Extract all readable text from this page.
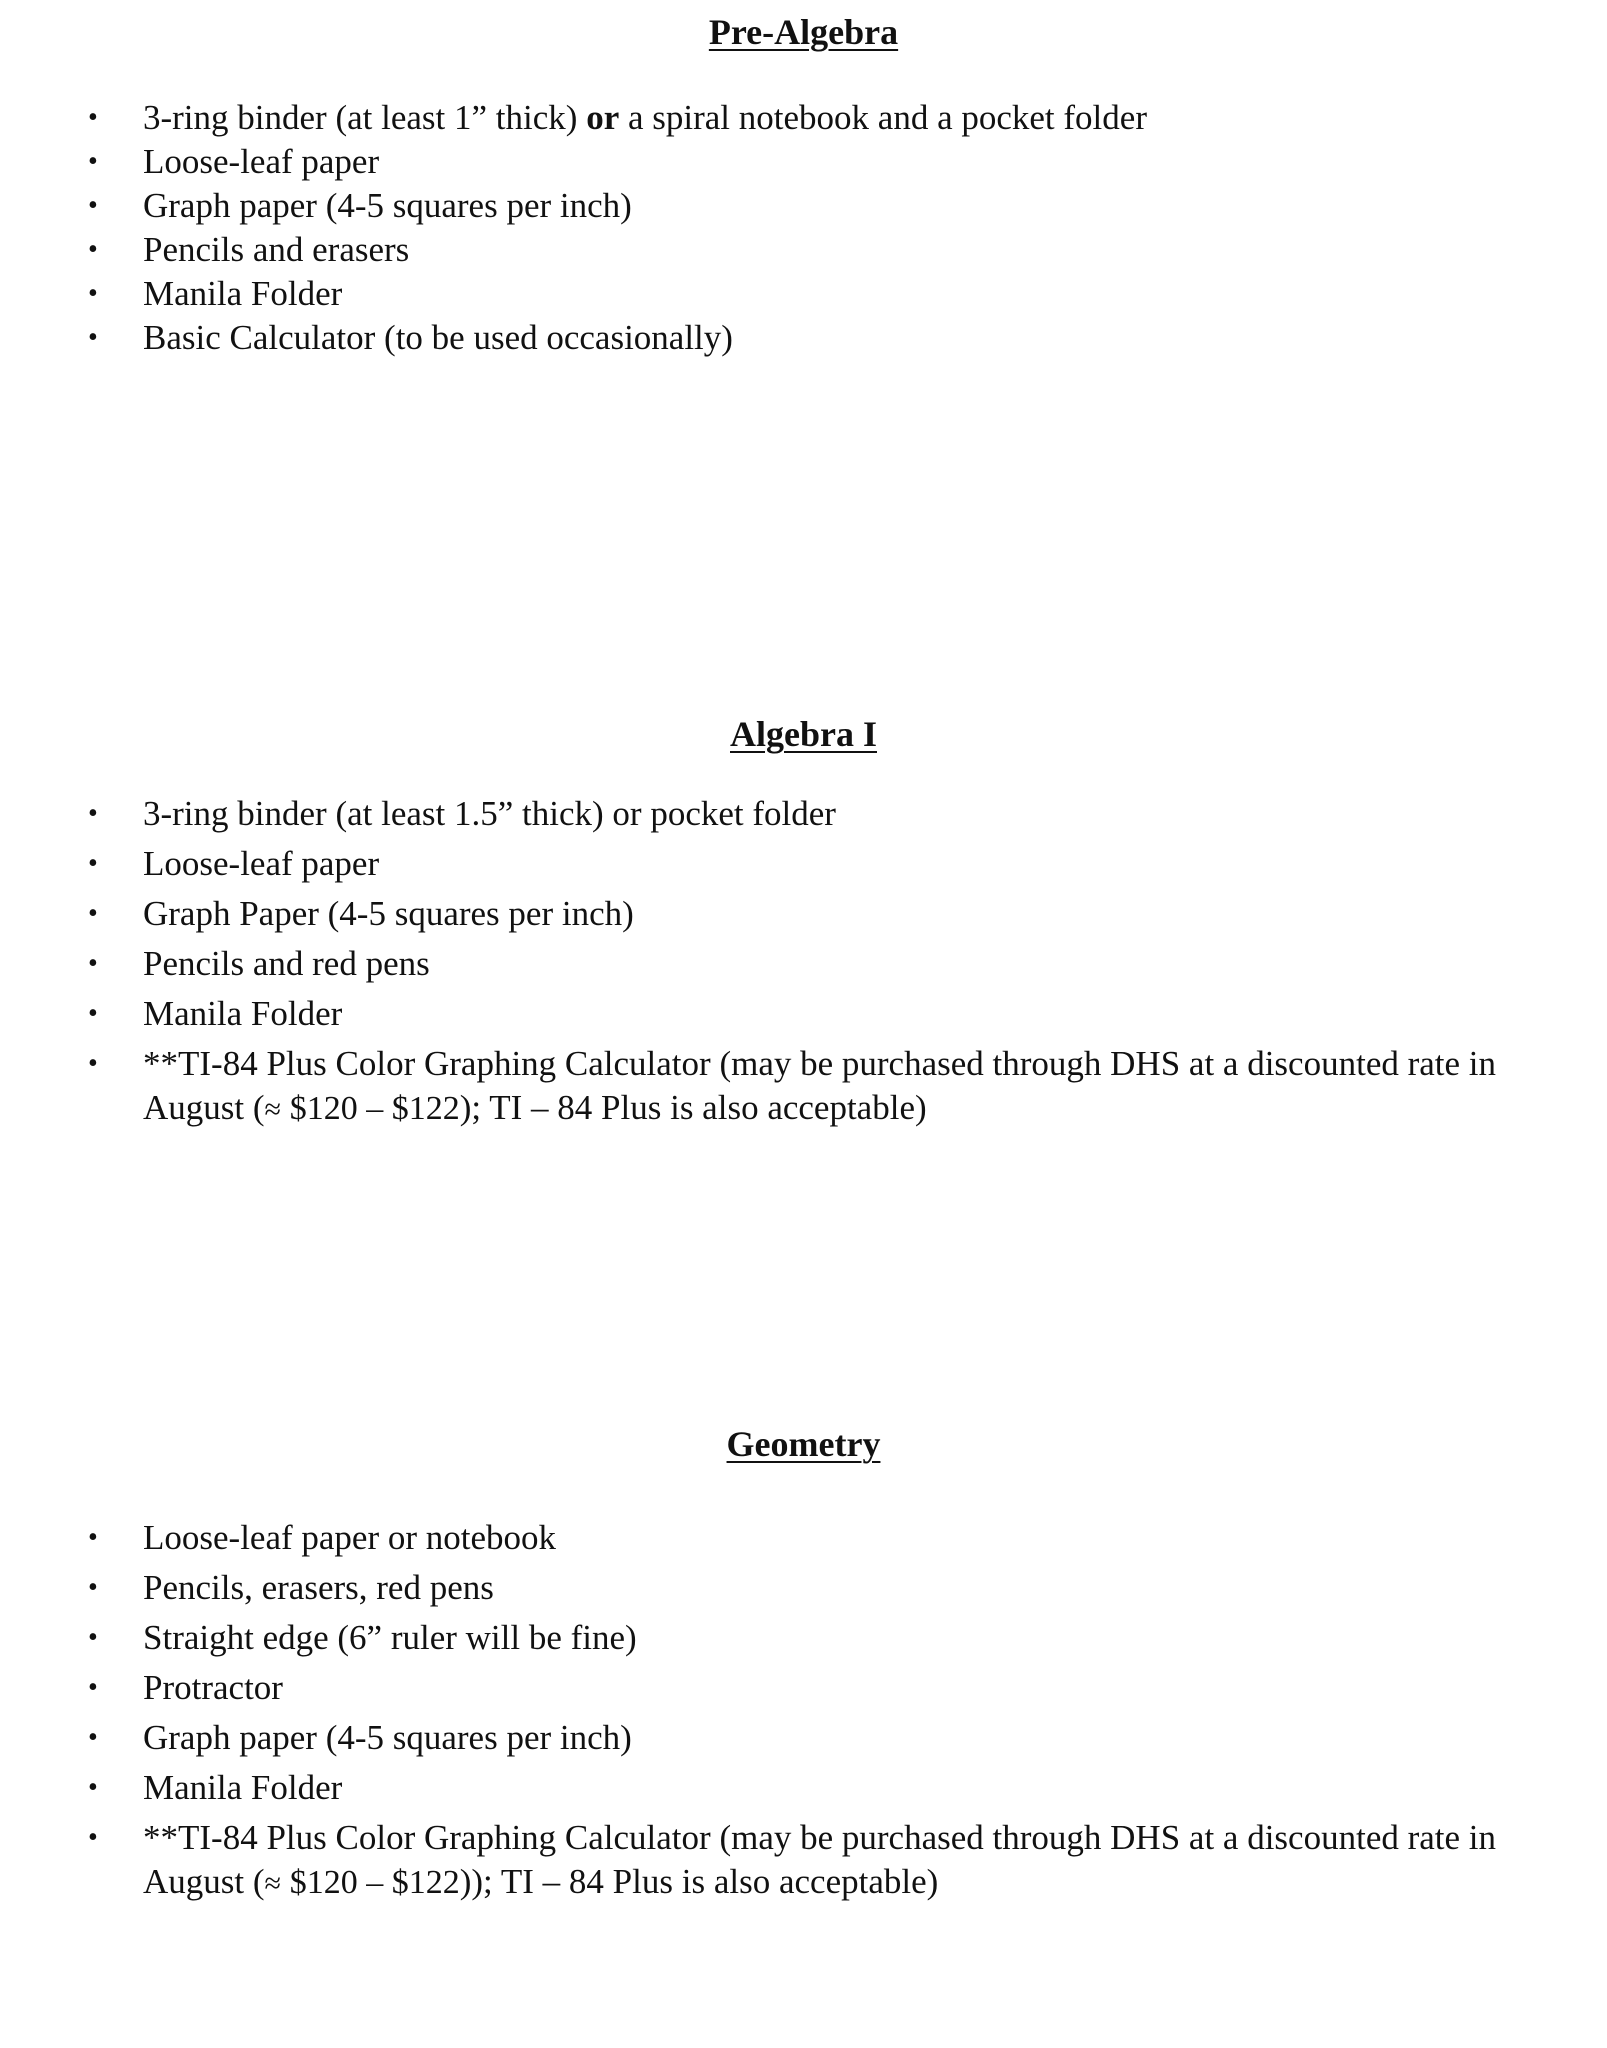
Pre-Algebra
• 3-ring binder (at least 1” thick) or a spiral notebook and a pocket folder
• Loose-leaf paper
• Graph paper (4-5 squares per inch)
• Pencils and erasers
• Manila Folder
• Basic Calculator (to be used occasionally)
Algebra I
• 3-ring binder (at least 1.5” thick) or pocket folder
• Loose-leaf paper
• Graph Paper (4-5 squares per inch)
• Pencils and red pens
• Manila Folder
• **TI-84 Plus Color Graphing Calculator (may be purchased through DHS at a discounted rate in August (≈ $120 – $122); TI – 84 Plus is also acceptable)
Geometry
• Loose-leaf paper or notebook
• Pencils, erasers, red pens
• Straight edge (6” ruler will be fine)
• Protractor
• Graph paper (4-5 squares per inch)
• Manila Folder
• **TI-84 Plus Color Graphing Calculator (may be purchased through DHS at a discounted rate in August (≈ $120 – $122)); TI – 84 Plus is also acceptable)
